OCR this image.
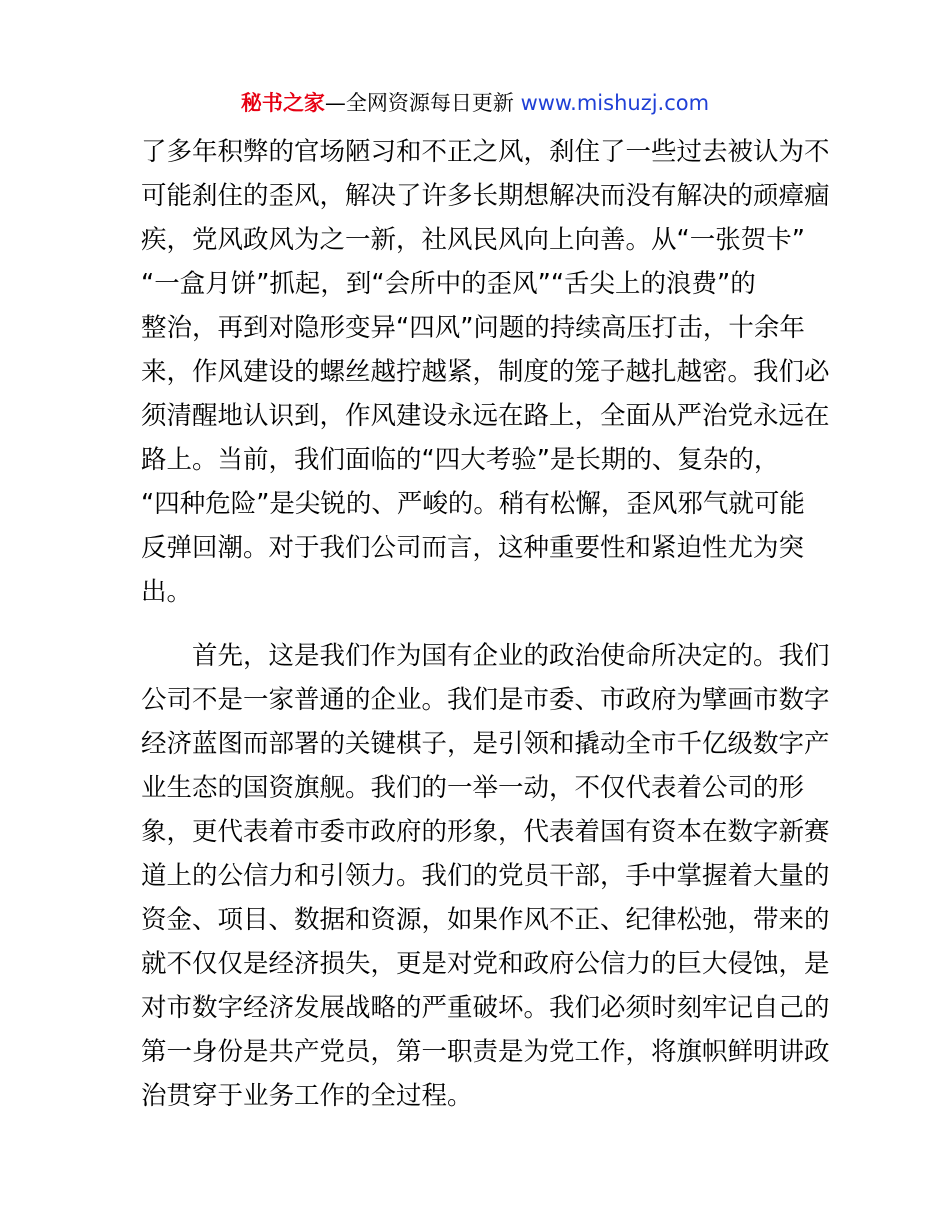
秘书之家—全网资源每日更新 www.mishuzj.com
了多年积弊的官场陋习和不正之风，刹住了一些过去被认为不
可能刹住的歪风，解决了许多长期想解决而没有解决的顽瘴痼
疾，党风政风为之一新，社风民风向上向善。从“一张贺卡”
“一盒月饼”抓起，到“会所中的歪风”“舌尖上的浪费”的
整治，再到对隐形变异“四风”问题的持续高压打击，十余年
来，作风建设的螺丝越拧越紧，制度的笼子越扎越密。我们必
须清醒地认识到，作风建设永远在路上，全面从严治党永远在
路上。当前，我们面临的“四大考验”是长期的、复杂的，
“四种危险”是尖锐的、严峻的。稍有松懈，歪风邪气就可能
反弹回潮。对于我们公司而言，这种重要性和紧迫性尤为突
出。
首先，这是我们作为国有企业的政治使命所决定的。我们
公司不是一家普通的企业。我们是市委、市政府为擘画市数字
经济蓝图而部署的关键棋子，是引领和撬动全市千亿级数字产
业生态的国资旗舰。我们的一举一动，不仅代表着公司的形
象，更代表着市委市政府的形象，代表着国有资本在数字新赛
道上的公信力和引领力。我们的党员干部，手中掌握着大量的
资金、项目、数据和资源，如果作风不正、纪律松弛，带来的
就不仅仅是经济损失，更是对党和政府公信力的巨大侵蚀，是
对市数字经济发展战略的严重破坏。我们必须时刻牢记自己的
第一身份是共产党员，第一职责是为党工作，将旗帜鲜明讲政
治贯穿于业务工作的全过程。
